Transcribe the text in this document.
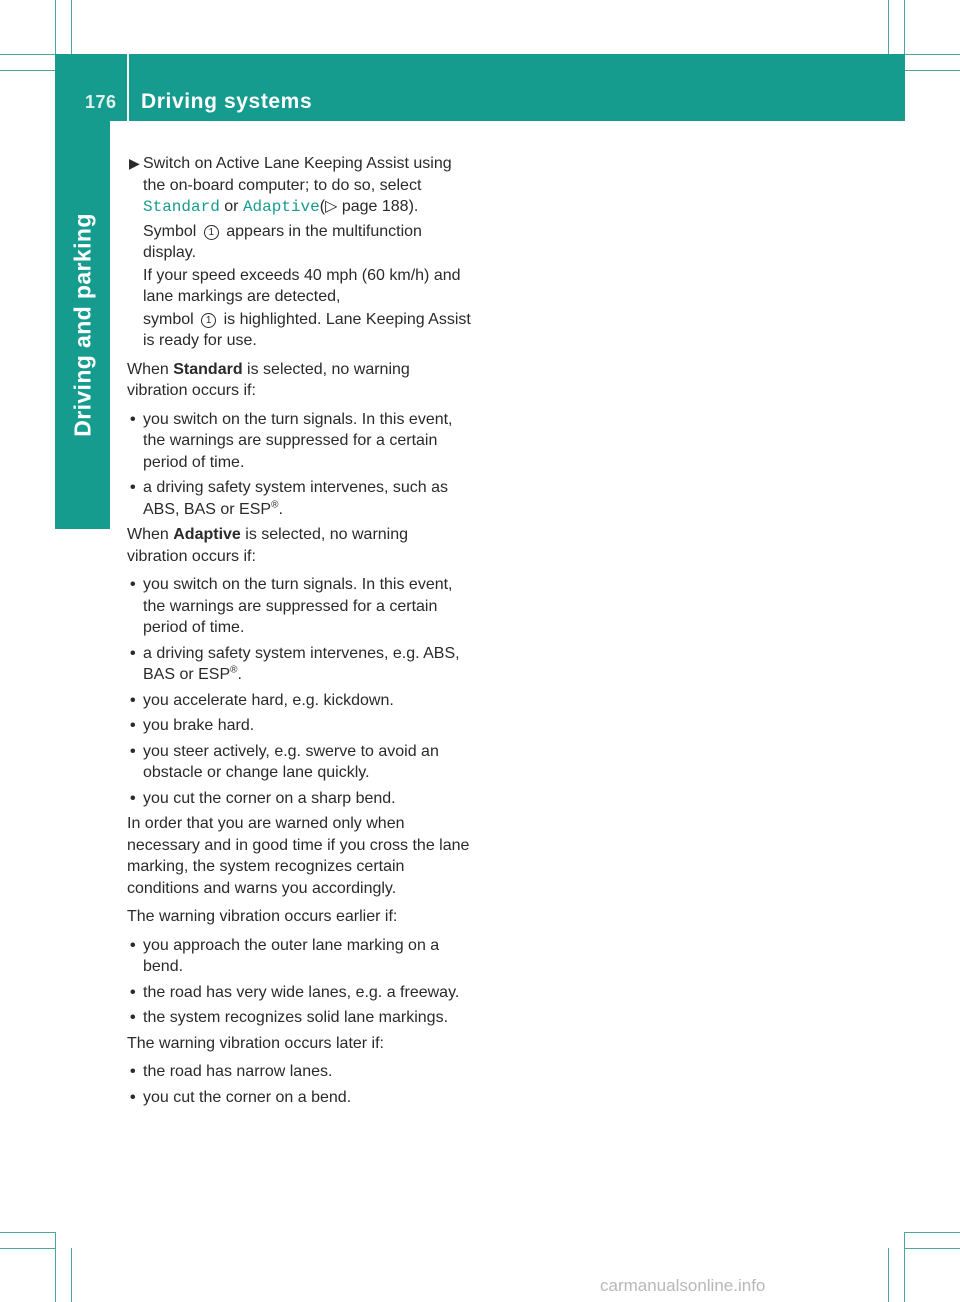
176 Driving systems
Driving and parking
▶ Switch on Active Lane Keeping Assist using the on-board computer; to do so, select Standard or Adaptive(▷ page 188).

Symbol 1 appears in the multifunction display.

If your speed exceeds 40 mph (60 km/h) and lane markings are detected,

symbol 1 is highlighted. Lane Keeping Assist is ready for use.

When Standard is selected, no warning vibration occurs if:

• you switch on the turn signals. In this event, the warnings are suppressed for a certain period of time.
• a driving safety system intervenes, such as ABS, BAS or ESP®.

When Adaptive is selected, no warning vibration occurs if:

• you switch on the turn signals. In this event, the warnings are suppressed for a certain period of time.
• a driving safety system intervenes, e.g. ABS, BAS or ESP®.
• you accelerate hard, e.g. kickdown.
• you brake hard.
• you steer actively, e.g. swerve to avoid an obstacle or change lane quickly.
• you cut the corner on a sharp bend.

In order that you are warned only when necessary and in good time if you cross the lane marking, the system recognizes certain conditions and warns you accordingly.

The warning vibration occurs earlier if:

• you approach the outer lane marking on a bend.
• the road has very wide lanes, e.g. a freeway.
• the system recognizes solid lane markings.

The warning vibration occurs later if:

• the road has narrow lanes.
• you cut the corner on a bend.
carmanualsonline.info
